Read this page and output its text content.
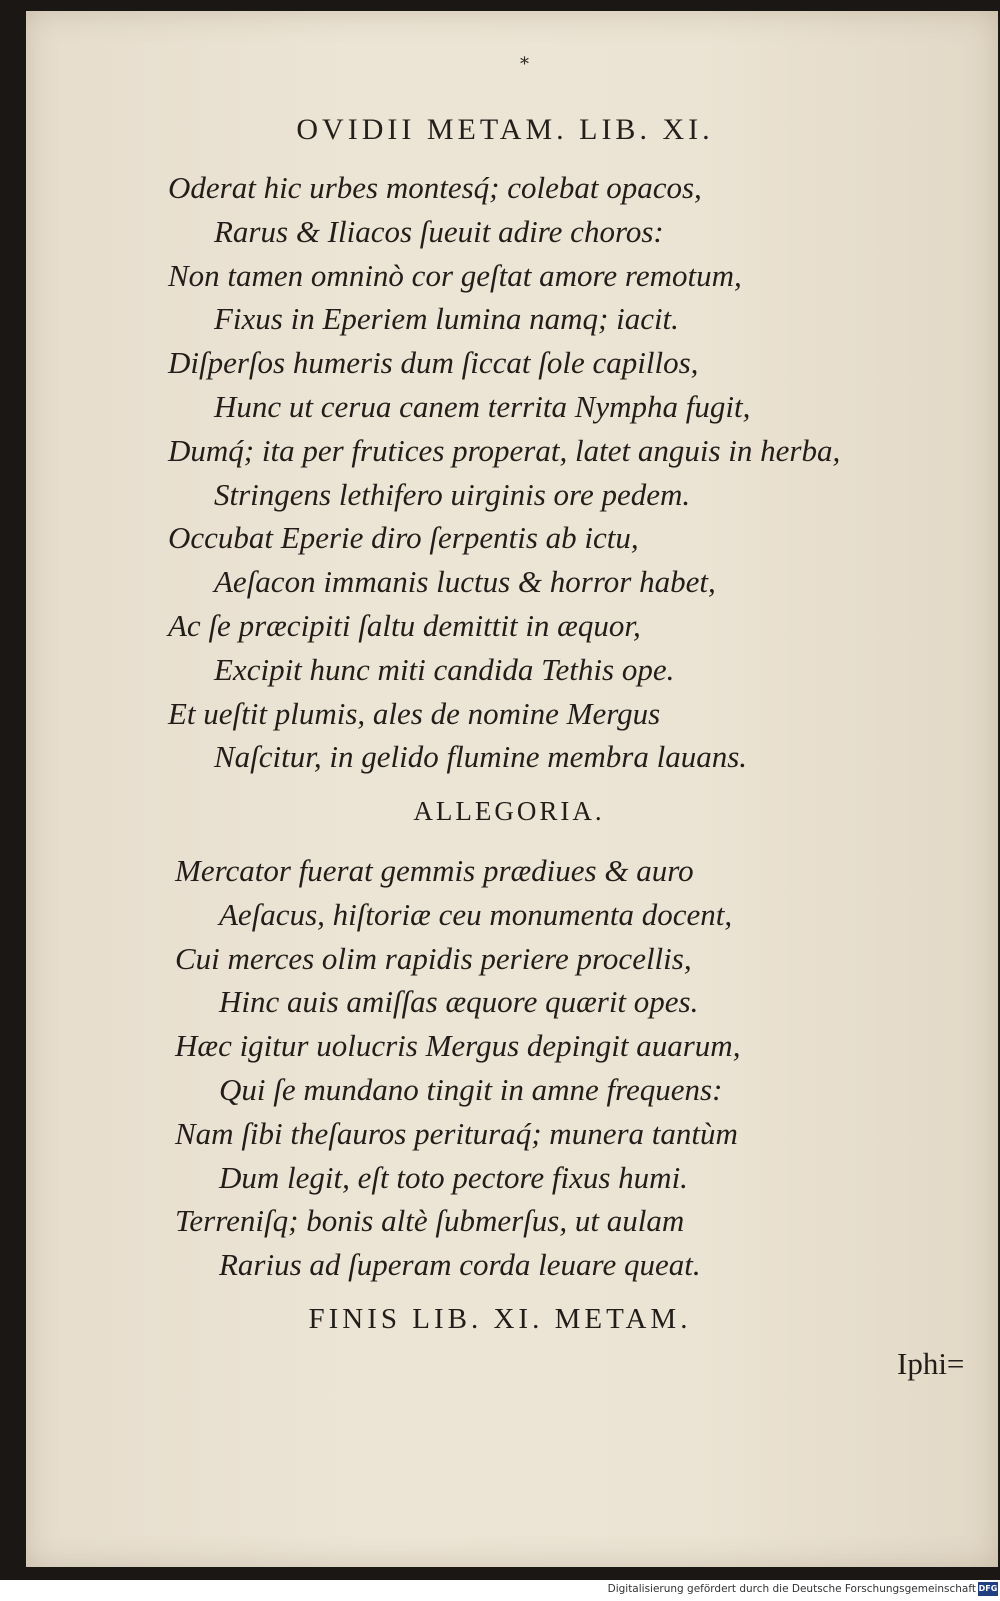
⁎
OVIDII METAM. LIB. XI.
Oderat hic urbes montesq́; colebat opacos,
Rarus & Iliacos ſueuit adire choros:
Non tamen omninò cor geſtat amore remotum,
Fixus in Eperiem lumina namq; iacit.
Diſperſos humeris dum ſiccat ſole capillos,
Hunc ut cerua canem territa Nympha fugit,
Dumq́; ita per frutices properat, latet anguis in herba,
Stringens lethifero uirginis ore pedem.
Occubat Eperie diro ſerpentis ab ictu,
Aeſacon immanis luctus & horror habet,
Ac ſe præcipiti ſaltu demittit in æquor,
Excipit hunc miti candida Tethis ope.
Et ueſtit plumis, ales de nomine Mergus
Naſcitur, in gelido flumine membra lauans.
ALLEGORIA.
Mercator fuerat gemmis prædiues & auro
Aeſacus, hiſtoriæ ceu monumenta docent,
Cui merces olim rapidis periere procellis,
Hinc auis amiſſas æquore quærit opes.
Hæc igitur uolucris Mergus depingit auarum,
Qui ſe mundano tingit in amne frequens:
Nam ſibi theſauros perituraq́; munera tantùm
Dum legit, eſt toto pectore fixus humi.
Terreniſq; bonis altè ſubmerſus, ut aulam
Rarius ad ſuperam corda leuare queat.
FINIS LIB. XI. METAM.
Iphi=
Digitalisierung gefördert durch die Deutsche Forschungsgemeinschaft DFG
